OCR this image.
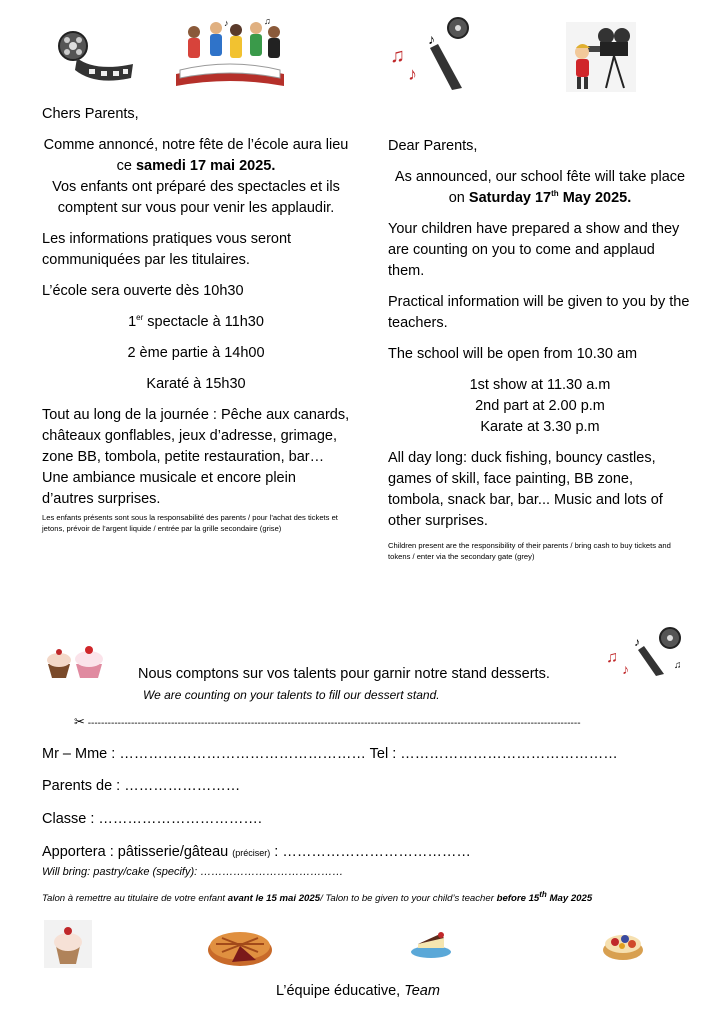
♪	♫
♫
♪
♪
Chers Parents,
Comme annoncé, notre fête de l’école aura lieu ce samedi 17 mai 2025.
Vos enfants ont préparé des spectacles et ils comptent sur vous pour venir les applaudir.
Les informations pratiques vous seront communiquées par les titulaires.
L’école sera ouverte dès 10h30
1er spectacle à 11h30
2 ème partie à 14h00
Karaté à 15h30
Tout au long de la journée : Pêche aux canards, châteaux gonflables, jeux d’adresse, grimage, zone BB, tombola, petite restauration, bar… Une ambiance musicale et encore plein d’autres surprises.
Les enfants présents sont sous la responsabilité des parents / pour l’achat des tickets et jetons, prévoir de l’argent liquide / entrée par la grille secondaire (grise)
Dear Parents,
As announced, our school fête will take place on Saturday 17th May 2025.
Your children have prepared a show and they are counting on you to come and applaud them.
Practical information will be given to you by the teachers.
The school will be open from 10.30 am
1st show at 11.30 a.m
2nd part at 2.00 p.m
Karate at 3.30 p.m
All day long: duck fishing, bouncy castles, games of skill, face painting, BB zone, tombola, snack bar, bar... Music and lots of other surprises.
Children present are the responsibility of their parents / bring cash to buy tickets and tokens / enter via the secondary gate (grey)
♫
♪
♪
♫
Nous comptons sur vos talents pour garnir notre stand desserts.
We are counting on your talents to fill our dessert stand.
✂ ----------------------------------------------------------------------------------------------------------------------------------------------------
Mr – Mme : …………………………………………… Tel : ………………………………………
Parents de : ……………………
Classe : …………………………….
Apportera : pâtisserie/gâteau (préciser) : …………………………………
Will bring: pastry/cake (specify): …………………………………
Talon à remettre au titulaire de votre enfant avant le 15 mai 2025/ Talon to be given to your child’s teacher before 15th May 2025
L’équipe éducative, Team
